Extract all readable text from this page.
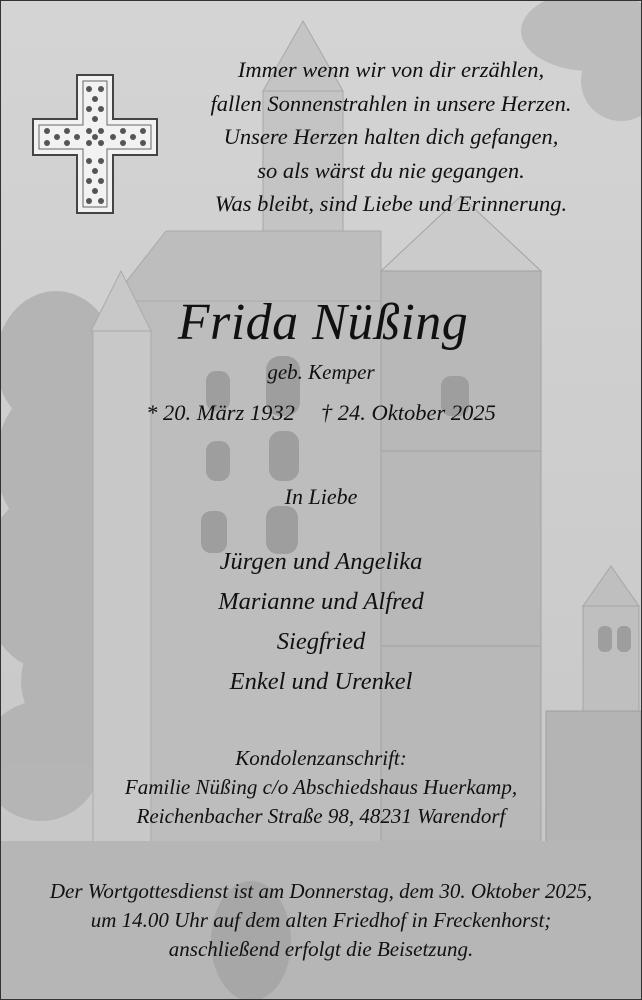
Immer wenn wir von dir erzählen,
fallen Sonnenstrahlen in unsere Herzen.
Unsere Herzen halten dich gefangen,
so als wärst du nie gegangen.
Was bleibt, sind Liebe und Erinnerung.
Frida Nüßing
geb. Kemper
* 20. März 1932 † 24. Oktober 2025
In Liebe
Jürgen und Angelika
Marianne und Alfred
Siegfried
Enkel und Urenkel
Kondolenzanschrift:
Familie Nüßing c/o Abschiedshaus Huerkamp,
Reichenbacher Straße 98, 48231 Warendorf
Der Wortgottesdienst ist am Donnerstag, dem 30. Oktober 2025,
um 14.00 Uhr auf dem alten Friedhof in Freckenhorst;
anschließend erfolgt die Beisetzung.
